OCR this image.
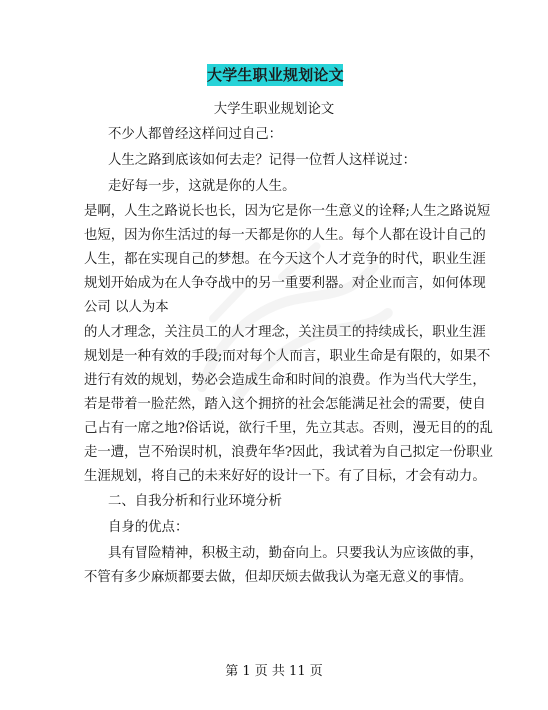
大学生职业规划论文
大学生职业规划论文
不少人都曾经这样问过自己：
人生之路到底该如何去走？记得一位哲人这样说过：
走好每一步，这就是你的人生。
是啊，人生之路说长也长，因为它是你一生意义的诠释;人生之路说短
也短，因为你生活过的每一天都是你的人生。每个人都在设计自己的
人生，都在实现自己的梦想。在今天这个人才竞争的时代，职业生涯
规划开始成为在人争夺战中的另一重要利器。对企业而言，如何体现
公司 以人为本
的人才理念，关注员工的人才理念，关注员工的持续成长，职业生涯
规划是一种有效的手段;而对每个人而言，职业生命是有限的，如果不
进行有效的规划，势必会造成生命和时间的浪费。作为当代大学生，
若是带着一脸茫然，踏入这个拥挤的社会怎能满足社会的需要，使自
己占有一席之地?俗话说，欲行千里，先立其志。否则，漫无目的的乱
走一遭，岂不殆误时机，浪费年华?因此，我试着为自己拟定一份职业
生涯规划，将自己的未来好好的设计一下。有了目标，才会有动力。
二、自我分析和行业环境分析
自身的优点：
具有冒险精神，积极主动，勤奋向上。只要我认为应该做的事，
不管有多少麻烦都要去做，但却厌烦去做我认为毫无意义的事情。
第 1 页 共 11 页
